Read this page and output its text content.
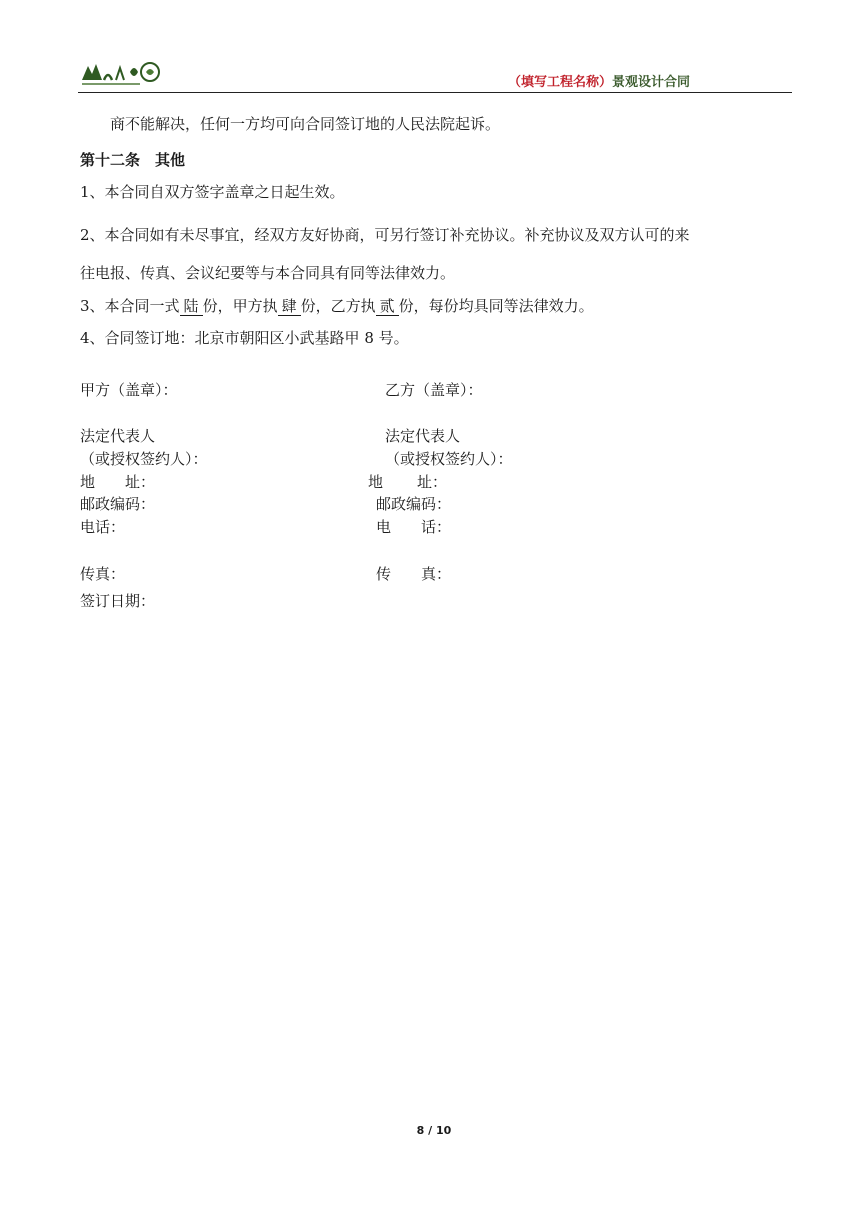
（填写工程名称）景观设计合同
商不能解决，任何一方均可向合同签订地的人民法院起诉。
第十二条　其他
1、本合同自双方签字盖章之日起生效。
2、本合同如有未尽事宜，经双方友好协商，可另行签订补充协议。补充协议及双方认可的来
往电报、传真、会议纪要等与本合同具有同等法律效力。
3、本合同一式 陆 份，甲方执 肆 份，乙方执 贰 份，每份均具同等法律效力。
4、合同签订地：北京市朝阳区小武基路甲 8 号。
甲方（盖章）：
法定代表人
（或授权签约人）：
地 址：
邮政编码：
电话：
传真：
签订日期：
乙方（盖章）：
法定代表人
（或授权签约人）：
地 址：
邮政编码：
电 话：
传 真：
8 / 10
